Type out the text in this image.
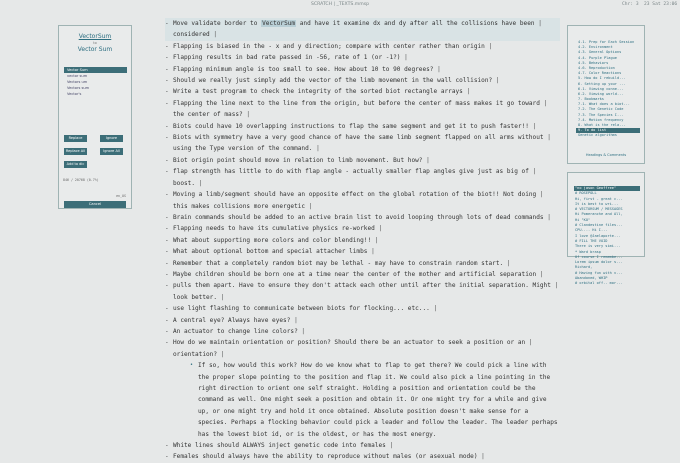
SCRATCH | _TEXTS.mmsp	Chr: 3 23 Sat 23:06
VectorSum
to
Vector Sum
Vector Sum
vector sum
Vectors um
Vectors sum
Vector's
Replace	Ignore
Replace All	Ignore All
Add to dic
846 / 20768 (0.7%)
Cancel
en_US
- Move validate border to VectorSum and have it examine dx and dy after all the collisions have been |
considered |
- Flapping is biased in the - x and y direction; compare with center rather than origin |
- Flapping results in bad rate passed in -56, rate of 1 (or -1?) |
- Flapping minimum angle is too small to see. How about 10 to 90 degrees? |
- Should we really just simply add the vector of the limb movement in the wall collision? |
- Write a test program to check the integrity of the sorted biot rectangle arrays |
- Flapping the line next to the line from the origin, but before the center of mass makes it go toward |
the center of mass? |
- Biots could have 10 overlapping instructions to flap the same segment and get it to push faster!! |
- Biots with symmetry have a very good chance of have the same limb segment flapped on all arms without |
using the Type version of the command. |
- Biot origin point should move in relation to limb movement. But how? |
- flap strength has little to do with flap angle - actually smaller flap angles give just as big of |
boost. |
- Moving a limb/segment should have an opposite effect on the global rotation of the biot!! Not doing |
this makes collisions more energetic |
- Brain commands should be added to an active brain list to avoid looping through lots of dead commands |
- Flapping needs to have its cumulative physics re-worked |
- What about supporting more colors and color blending!! |
- What about optional bottom and special attacher limbs |
- Remember that a completely random biot may be lethal - may have to constrain random start. |
- Maybe children should be born one at a time near the center of the mother and artificial separation |
- pulls them apart. Have to ensure they don't attack each other until after the initial separation. Might |
look better. |
- use light flashing to communicate between biots for flocking... etc... |
- A central eye? Always have eyes? |
- An actuator to change line colors? |
- How do we maintain orientation or position? Should there be an actuator to seek a position or an |
orientation? |
• If so, how would this work? How do we know what to flap to get there? We could pick a line with the proper slope pointing to the position and flap it. We could also pick a line pointing in the right direction to orient one self straight. Holding a position and orientation could be the command as well. One might seek a position and obtain it. Or one might try for a while and give up, or one might try and hold it once obtained. Absolute position doesn't make sense for a species. Perhaps a flocking behavior could pick a leader and follow the leader. The leader perhaps has the lowest biot id, or is the oldest, or has the most energy.
- White lines should ALWAYS inject genetic code into females |
- Females should always have the ability to reproduce without males (or asexual mode) |
4.1. Prep for Each Session
4.2. Environment
4.3. General Options
4.4. Purple Plague
4.5. Behaviors
4.6. Reproduction
4.7. Color Reactions
5. How do I rebuild...
6. Setting up your ...
6.1. Viewing conne...
6.2. Viewing world...
7. Bookmarks
7.1. What does a biot...
7.2. The Genetic Code
7.3. The Species I...
7.4. Motion frequency
8. What is the rela...
9. To do list
Genetic algorithms
Headings & Comments
"no jason Geoffree"
# ROSEPOLL
Hi, first - great c...
It is best to wri...
# VECTORSUM / MESSAGES
Hi Pomeranche and All,
Hi "KO"
# Clandestine files...
CPU.... Hi I...
I love @Jaelaporte...
# FILL THE VOID
There is very simi...
* Ward brasp
Of course I remembe...
Lorem ipsum dolor s...
Richard,
# Having fun with v...
Abandoned, WHIP
# orbital off.. mor...
